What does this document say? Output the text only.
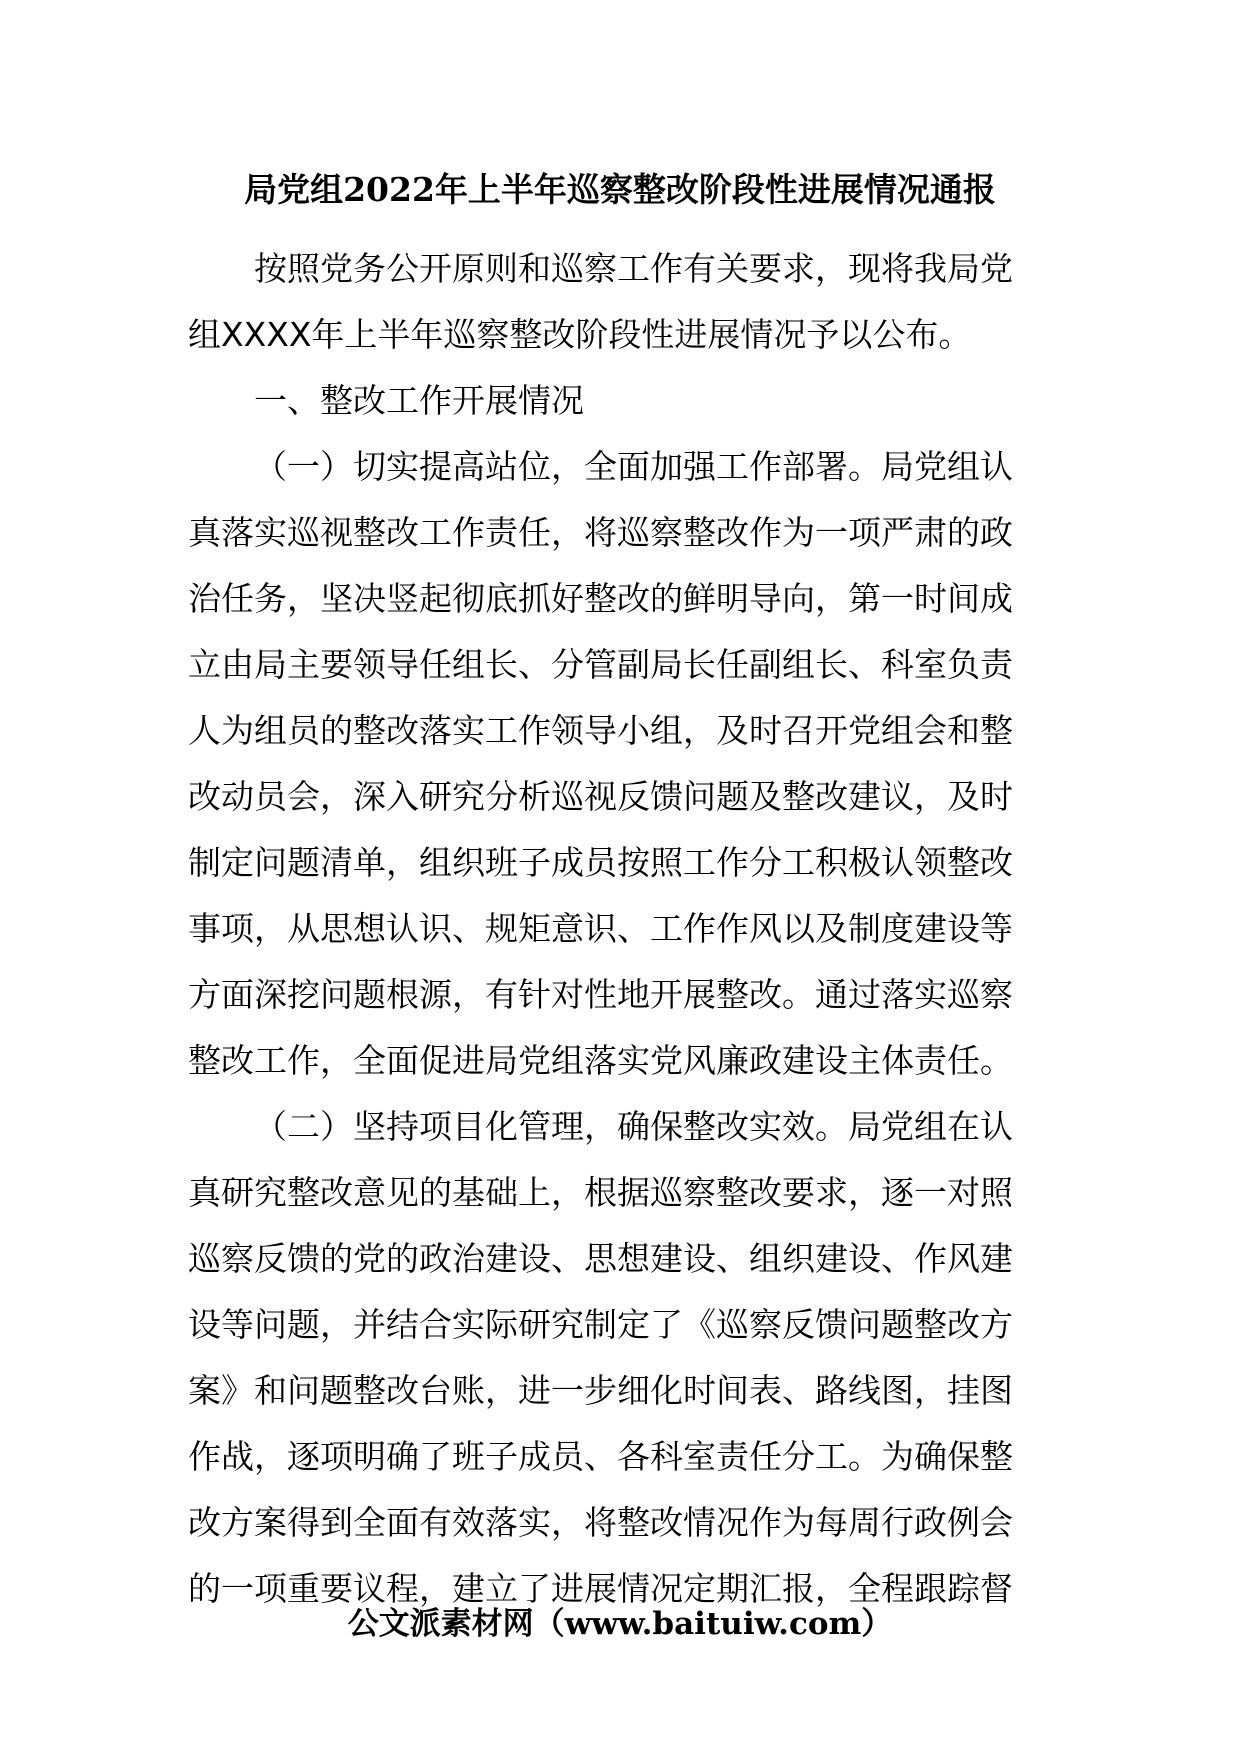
局党组2022年上半年巡察整改阶段性进展情况通报
按照党务公开原则和巡察工作有关要求，现将我局党
组XXXX年上半年巡察整改阶段性进展情况予以公布。
一、整改工作开展情况
（一）切实提高站位，全面加强工作部署。局党组认
真落实巡视整改工作责任，将巡察整改作为一项严肃的政
治任务，坚决竖起彻底抓好整改的鲜明导向，第一时间成
立由局主要领导任组长、分管副局长任副组长、科室负责
人为组员的整改落实工作领导小组，及时召开党组会和整
改动员会，深入研究分析巡视反馈问题及整改建议，及时
制定问题清单，组织班子成员按照工作分工积极认领整改
事项，从思想认识、规矩意识、工作作风以及制度建设等
方面深挖问题根源，有针对性地开展整改。通过落实巡察
整改工作，全面促进局党组落实党风廉政建设主体责任。
（二）坚持项目化管理，确保整改实效。局党组在认
真研究整改意见的基础上，根据巡察整改要求，逐一对照
巡察反馈的党的政治建设、思想建设、组织建设、作风建
设等问题，并结合实际研究制定了《巡察反馈问题整改方
案》和问题整改台账，进一步细化时间表、路线图，挂图
作战，逐项明确了班子成员、各科室责任分工。为确保整
改方案得到全面有效落实，将整改情况作为每周行政例会
的一项重要议程，建立了进展情况定期汇报，全程跟踪督
公文派素材网（www.baituiw.com）
